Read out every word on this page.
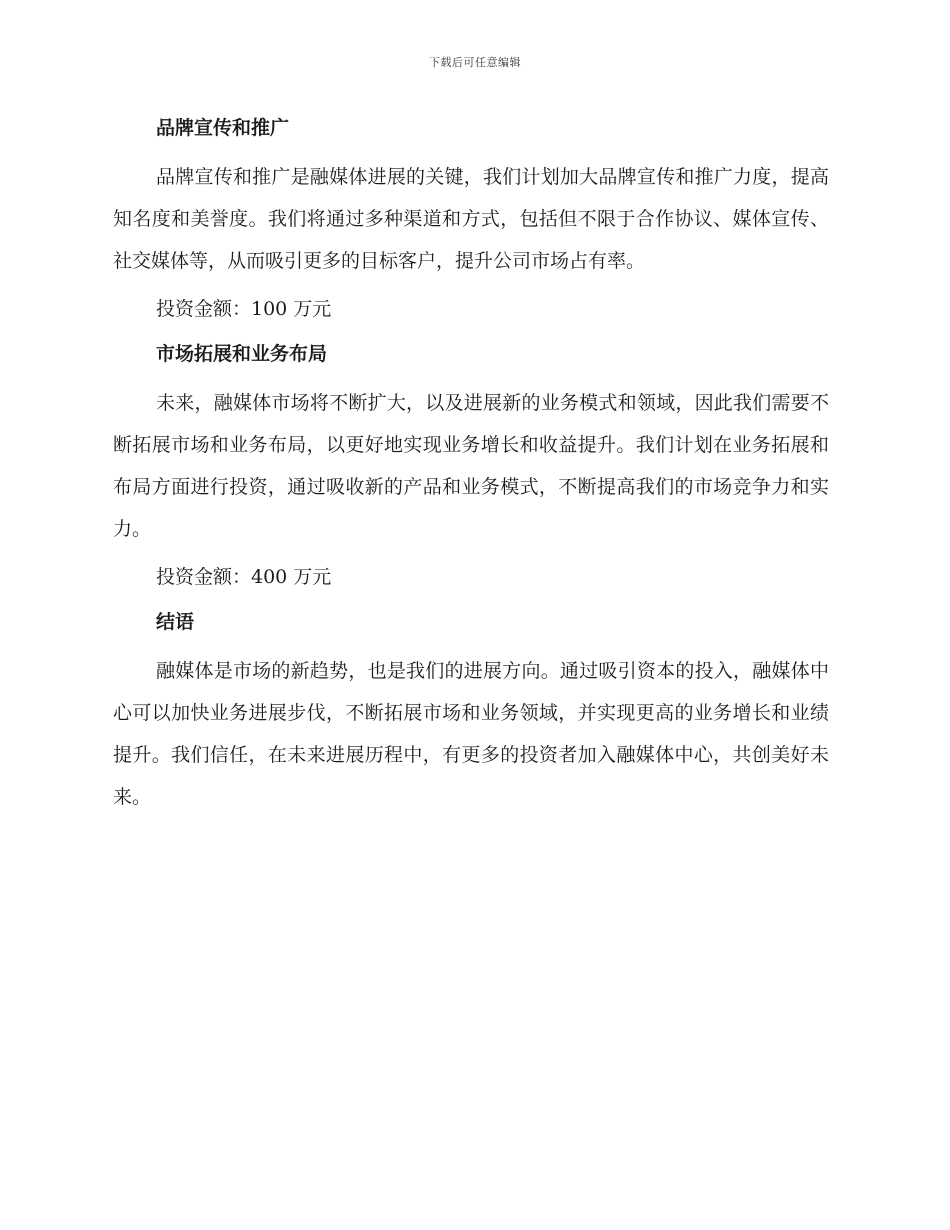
下载后可任意编辑
品牌宣传和推广

品牌宣传和推广是融媒体进展的关键，我们计划加大品牌宣传和推广力度，提高知名度和美誉度。我们将通过多种渠道和方式，包括但不限于合作协议、媒体宣传、社交媒体等，从而吸引更多的目标客户，提升公司市场占有率。

投资金额：100 万元
市场拓展和业务布局

未来，融媒体市场将不断扩大，以及进展新的业务模式和领域，因此我们需要不断拓展市场和业务布局，以更好地实现业务增长和收益提升。我们计划在业务拓展和布局方面进行投资，通过吸收新的产品和业务模式，不断提高我们的市场竞争力和实力。

投资金额：400 万元
结语

融媒体是市场的新趋势，也是我们的进展方向。通过吸引资本的投入，融媒体中心可以加快业务进展步伐，不断拓展市场和业务领域，并实现更高的业务增长和业绩提升。我们信任，在未来进展历程中，有更多的投资者加入融媒体中心，共创美好未来。
